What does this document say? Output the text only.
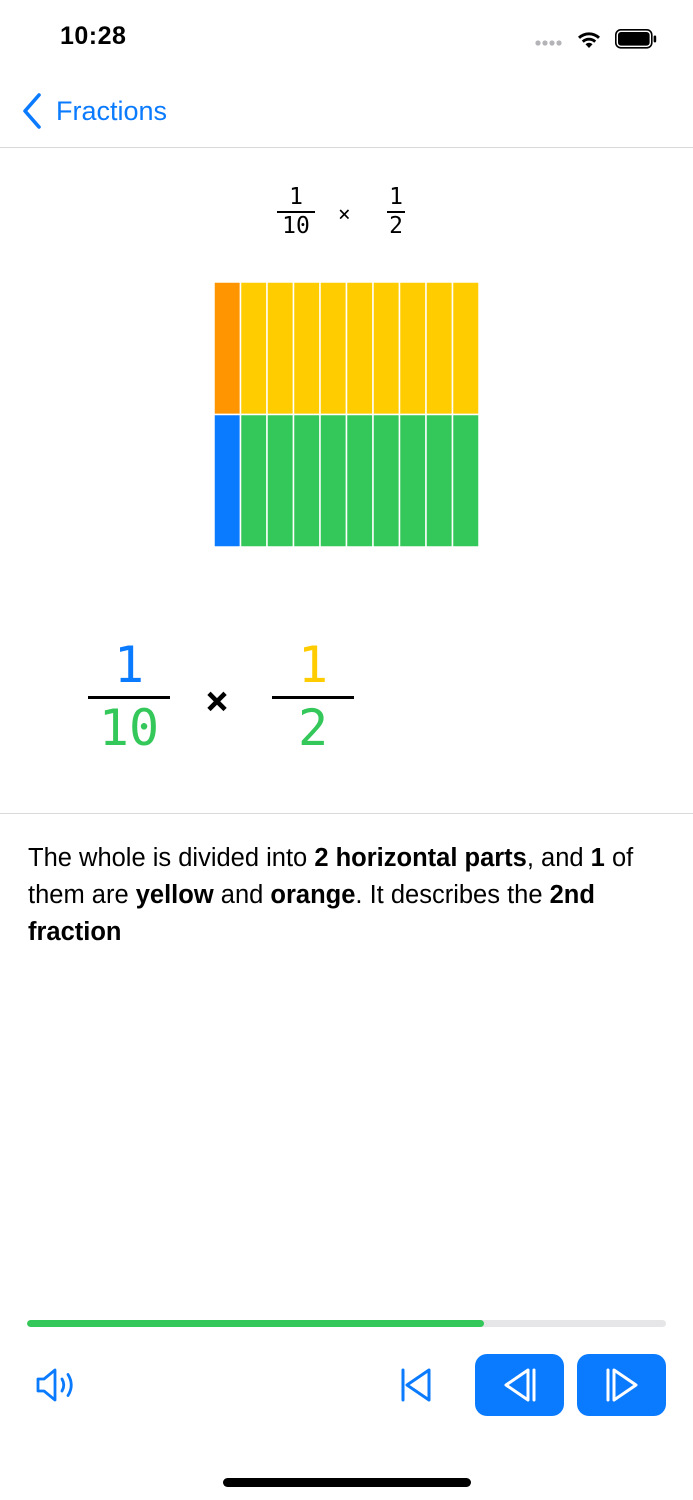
10:28
Fractions
1
10 ×
1
2
1
10 ×
1
2
The whole is divided into 2 horizontal parts, and 1 of them are yellow and orange. It describes the 2nd fraction
